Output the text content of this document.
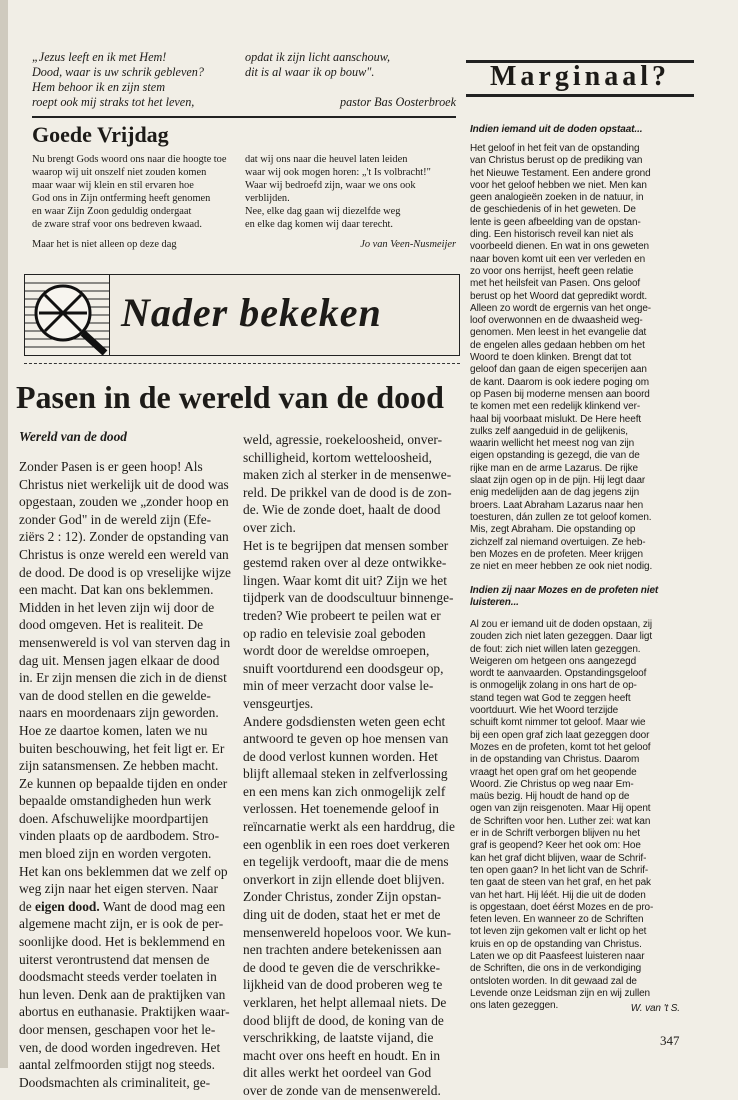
„Jezus leeft en ik met Hem!
Dood, waar is uw schrik gebleven?
Hem behoor ik en zijn stem
roept ook mij straks tot het leven,
opdat ik zijn licht aanschouw,
dit is al waar ik op bouw".
pastor Bas Oosterbroek
Goede Vrijdag
Nu brengt Gods woord ons naar die hoogte toe
waarop wij uit onszelf niet zouden komen
maar waar wij klein en stil ervaren hoe
God ons in Zijn ontferming heeft genomen
en waar Zijn Zoon geduldig ondergaat
de zware straf voor ons bedreven kwaad.
Maar het is niet alleen op deze dag
dat wij ons naar die heuvel laten leiden
waar wij ook mogen horen: „'t Is volbracht!"
Waar wij bedroefd zijn, waar we ons ook
verblijden.
Nee, elke dag gaan wij diezelfde weg
en elke dag komen wij daar terecht.
Jo van Veen-Nusmeijer
Nader bekeken
Pasen in de wereld van de dood
Wereld van de dood
Zonder Pasen is er geen hoop! Als
Christus niet werkelijk uit de dood was
opgestaan, zouden we „zonder hoop en
zonder God" in de wereld zijn (Efe-
ziërs 2 : 12). Zonder de opstanding van
Christus is onze wereld een wereld van
de dood. De dood is op vreselijke wijze
een macht. Dat kan ons beklemmen.
Midden in het leven zijn wij door de
dood omgeven. Het is realiteit. De
mensenwereld is vol van sterven dag in
dag uit. Mensen jagen elkaar de dood
in. Er zijn mensen die zich in de dienst
van de dood stellen en die gewelde-
naars en moordenaars zijn geworden.
Hoe ze daartoe komen, laten we nu
buiten beschouwing, het feit ligt er. Er
zijn satansmensen. Ze hebben macht.
Ze kunnen op bepaalde tijden en onder
bepaalde omstandigheden hun werk
doen. Afschuwelijke moordpartijen
vinden plaats op de aardbodem. Stro-
men bloed zijn en worden vergoten.
Het kan ons beklemmen dat we zelf op
weg zijn naar het eigen sterven. Naar
de eigen dood. Want de dood mag een
algemene macht zijn, er is ook de per-
soonlijke dood. Het is beklemmend en
uiterst verontrustend dat mensen de
doodsmacht steeds verder toelaten in
hun leven. Denk aan de praktijken van
abortus en euthanasie. Praktijken waar-
door mensen, geschapen voor het le-
ven, de dood worden ingedreven. Het
aantal zelfmoorden stijgt nog steeds.
Doodsmachten als criminaliteit, ge-
weld, agressie, roekeloosheid, onver-
schilligheid, kortom wetteloosheid,
maken zich al sterker in de mensenwe-
reld. De prikkel van de dood is de zon-
de. Wie de zonde doet, haalt de dood
over zich.
Het is te begrijpen dat mensen somber
gestemd raken over al deze ontwikke-
lingen. Waar komt dit uit? Zijn we het
tijdperk van de doodscultuur binnenge-
treden? Wie probeert te peilen wat er
op radio en televisie zoal geboden
wordt door de wereldse omroepen,
snuift voortdurend een doodsgeur op,
min of meer verzacht door valse le-
vensgeurtjes.
Andere godsdiensten weten geen echt
antwoord te geven op hoe mensen van
de dood verlost kunnen worden. Het
blijft allemaal steken in zelfverlossing
en een mens kan zich onmogelijk zelf
verlossen. Het toenemende geloof in
reïncarnatie werkt als een harddrug, die
een ogenblik in een roes doet verkeren
en tegelijk verdooft, maar die de mens
onverkort in zijn ellende doet blijven.
Zonder Christus, zonder Zijn opstan-
ding uit de doden, staat het er met de
mensenwereld hopeloos voor. We kun-
nen trachten andere betekenissen aan
de dood te geven die de verschrikke-
lijkheid van de dood proberen weg te
verklaren, het helpt allemaal niets. De
dood blijft de dood, de koning van de
verschrikking, de laatste vijand, die
macht over ons heeft en houdt. En in
dit alles werkt het oordeel van God
over de zonde van de mensenwereld.
Marginaal?
Indien iemand uit de doden opstaat...
Het geloof in het feit van de opstanding
van Christus berust op de prediking van
het Nieuwe Testament. Een andere grond
voor het geloof hebben we niet. Men kan
geen analogieën zoeken in de natuur, in
de geschiedenis of in het geweten. De
lente is geen afbeelding van de opstan-
ding. Een historisch reveil kan niet als
voorbeeld dienen. En wat in ons geweten
naar boven komt uit een ver verleden en
zo voor ons herrijst, heeft geen relatie
met het heilsfeit van Pasen. Ons geloof
berust op het Woord dat gepredikt wordt.
Alleen zo wordt de ergernis van het onge-
loof overwonnen en de dwaasheid weg-
genomen. Men leest in het evangelie dat
de engelen alles gedaan hebben om het
Woord te doen klinken. Brengt dat tot
geloof dan gaan de eigen specerijen aan
de kant. Daarom is ook iedere poging om
op Pasen bij moderne mensen aan boord
te komen met een redelijk klinkend ver-
haal bij voorbaat mislukt. De Here heeft
zulks zelf aangeduid in de gelijkenis,
waarin wellicht het meest nog van zijn
eigen opstanding is gezegd, die van de
rijke man en de arme Lazarus. De rijke
slaat zijn ogen op in de pijn. Hij legt daar
enig medelijden aan de dag jegens zijn
broers. Laat Abraham Lazarus naar hen
toesturen, dán zullen ze tot geloof komen.
Mis, zegt Abraham. Die opstanding op
zichzelf zal niemand overtuigen. Ze heb-
ben Mozes en de profeten. Meer krijgen
ze niet en meer hebben ze ook niet nodig.
Indien zij naar Mozes en de profeten niet
luisteren...
Al zou er iemand uit de doden opstaan, zij
zouden zich niet laten gezeggen. Daar ligt
de fout: zich niet willen laten gezeggen.
Weigeren om hetgeen ons aangezegd
wordt te aanvaarden. Opstandingsgeloof
is onmogelijk zolang in ons hart de op-
stand tegen wat God te zeggen heeft
voortduurt. Wie het Woord terzijde
schuift komt nimmer tot geloof. Maar wie
bij een open graf zich laat gezeggen door
Mozes en de profeten, komt tot het geloof
in de opstanding van Christus. Daarom
vraagt het open graf om het geopende
Woord. Zie Christus op weg naar Em-
maüs bezig. Hij houdt de hand op de
ogen van zijn reisgenoten. Maar Hij opent
de Schriften voor hen. Luther zei: wat kan
er in de Schrift verborgen blijven nu het
graf is geopend? Keer het ook om: Hoe
kan het graf dicht blijven, waar de Schrif-
ten open gaan? In het licht van de Schrif-
ten gaat de steen van het graf, en het pak
van het hart. Hij léét. Hij die uit de doden
is opgestaan, doet éérst Mozes en de pro-
feten leven. En wanneer zo de Schriften
tot leven zijn gekomen valt er licht op het
kruis en op de opstanding van Christus.
Laten we op dit Paasfeest luisteren naar
de Schriften, die ons in de verkondiging
ontsloten worden. In dit gewaad zal de
Levende onze Leidsman zijn en wij zullen
ons laten gezeggen.	W. van 't S.
347
